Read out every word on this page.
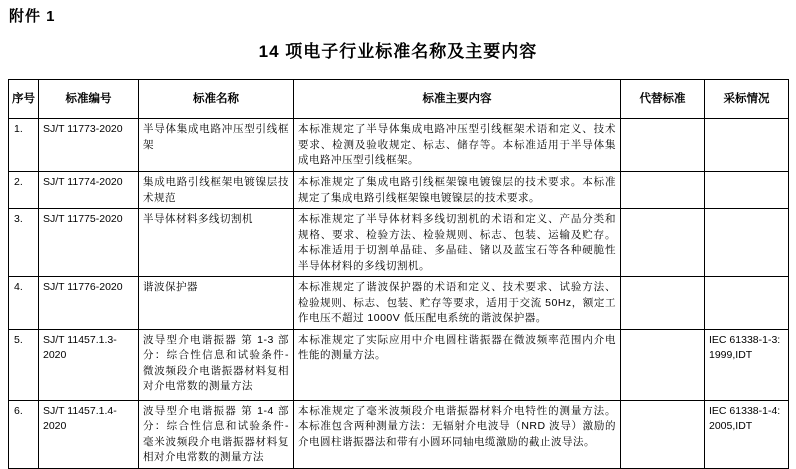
附件 1
14 项电子行业标准名称及主要内容
序号	标准编号	标准名称	标准主要内容	代替标准	采标情况
1.	SJ/T 11773-2020	半导体集成电路冲压型引线框架	本标准规定了半导体集成电路冲压型引线框架术语和定义、技术要求、检测及验收规定、标志、储存等。本标准适用于半导体集成电路冲压型引线框架。		
2.	SJ/T 11774-2020	集成电路引线框架电镀镍层技术规范	本标准规定了集成电路引线框架镍电镀镍层的技术要求。本标准规定了集成电路引线框架镍电镀镍层的技术要求。		
3.	SJ/T 11775-2020	半导体材料多线切割机	本标准规定了半导体材料多线切割机的术语和定义、产品分类和规格、要求、检验方法、检验规则、标志、包装、运输及贮存。本标准适用于切割单晶硅、多晶硅、锗以及蓝宝石等各种硬脆性半导体材料的多线切割机。		
4.	SJ/T 11776-2020	谐波保护器	本标准规定了谐波保护器的术语和定义、技术要求、试验方法、检验规则、标志、包装、贮存等要求，适用于交流 50Hz，额定工作电压不超过 1000V 低压配电系统的谐波保护器。		
5.	SJ/T 11457.1.3-2020	波导型介电谐振器 第 1-3 部分：综合性信息和试验条件-微波频段介电谐振器材料复相对介电常数的测量方法	本标准规定了实际应用中介电圆柱谐振器在微波频率范围内介电性能的测量方法。		IEC 61338-1-3:1999,IDT
6.	SJ/T 11457.1.4-2020	波导型介电谐振器 第 1-4 部分：综合性信息和试验条件-毫米波频段介电谐振器材料复相对介电常数的测量方法	本标准规定了毫米波频段介电谐振器材料介电特性的测量方法。本标准包含两种测量方法：无辐射介电波导（NRD 波导）激励的介电圆柱谐振器法和带有小圆环同轴电缆激励的截止波导法。		IEC 61338-1-4:2005,IDT
